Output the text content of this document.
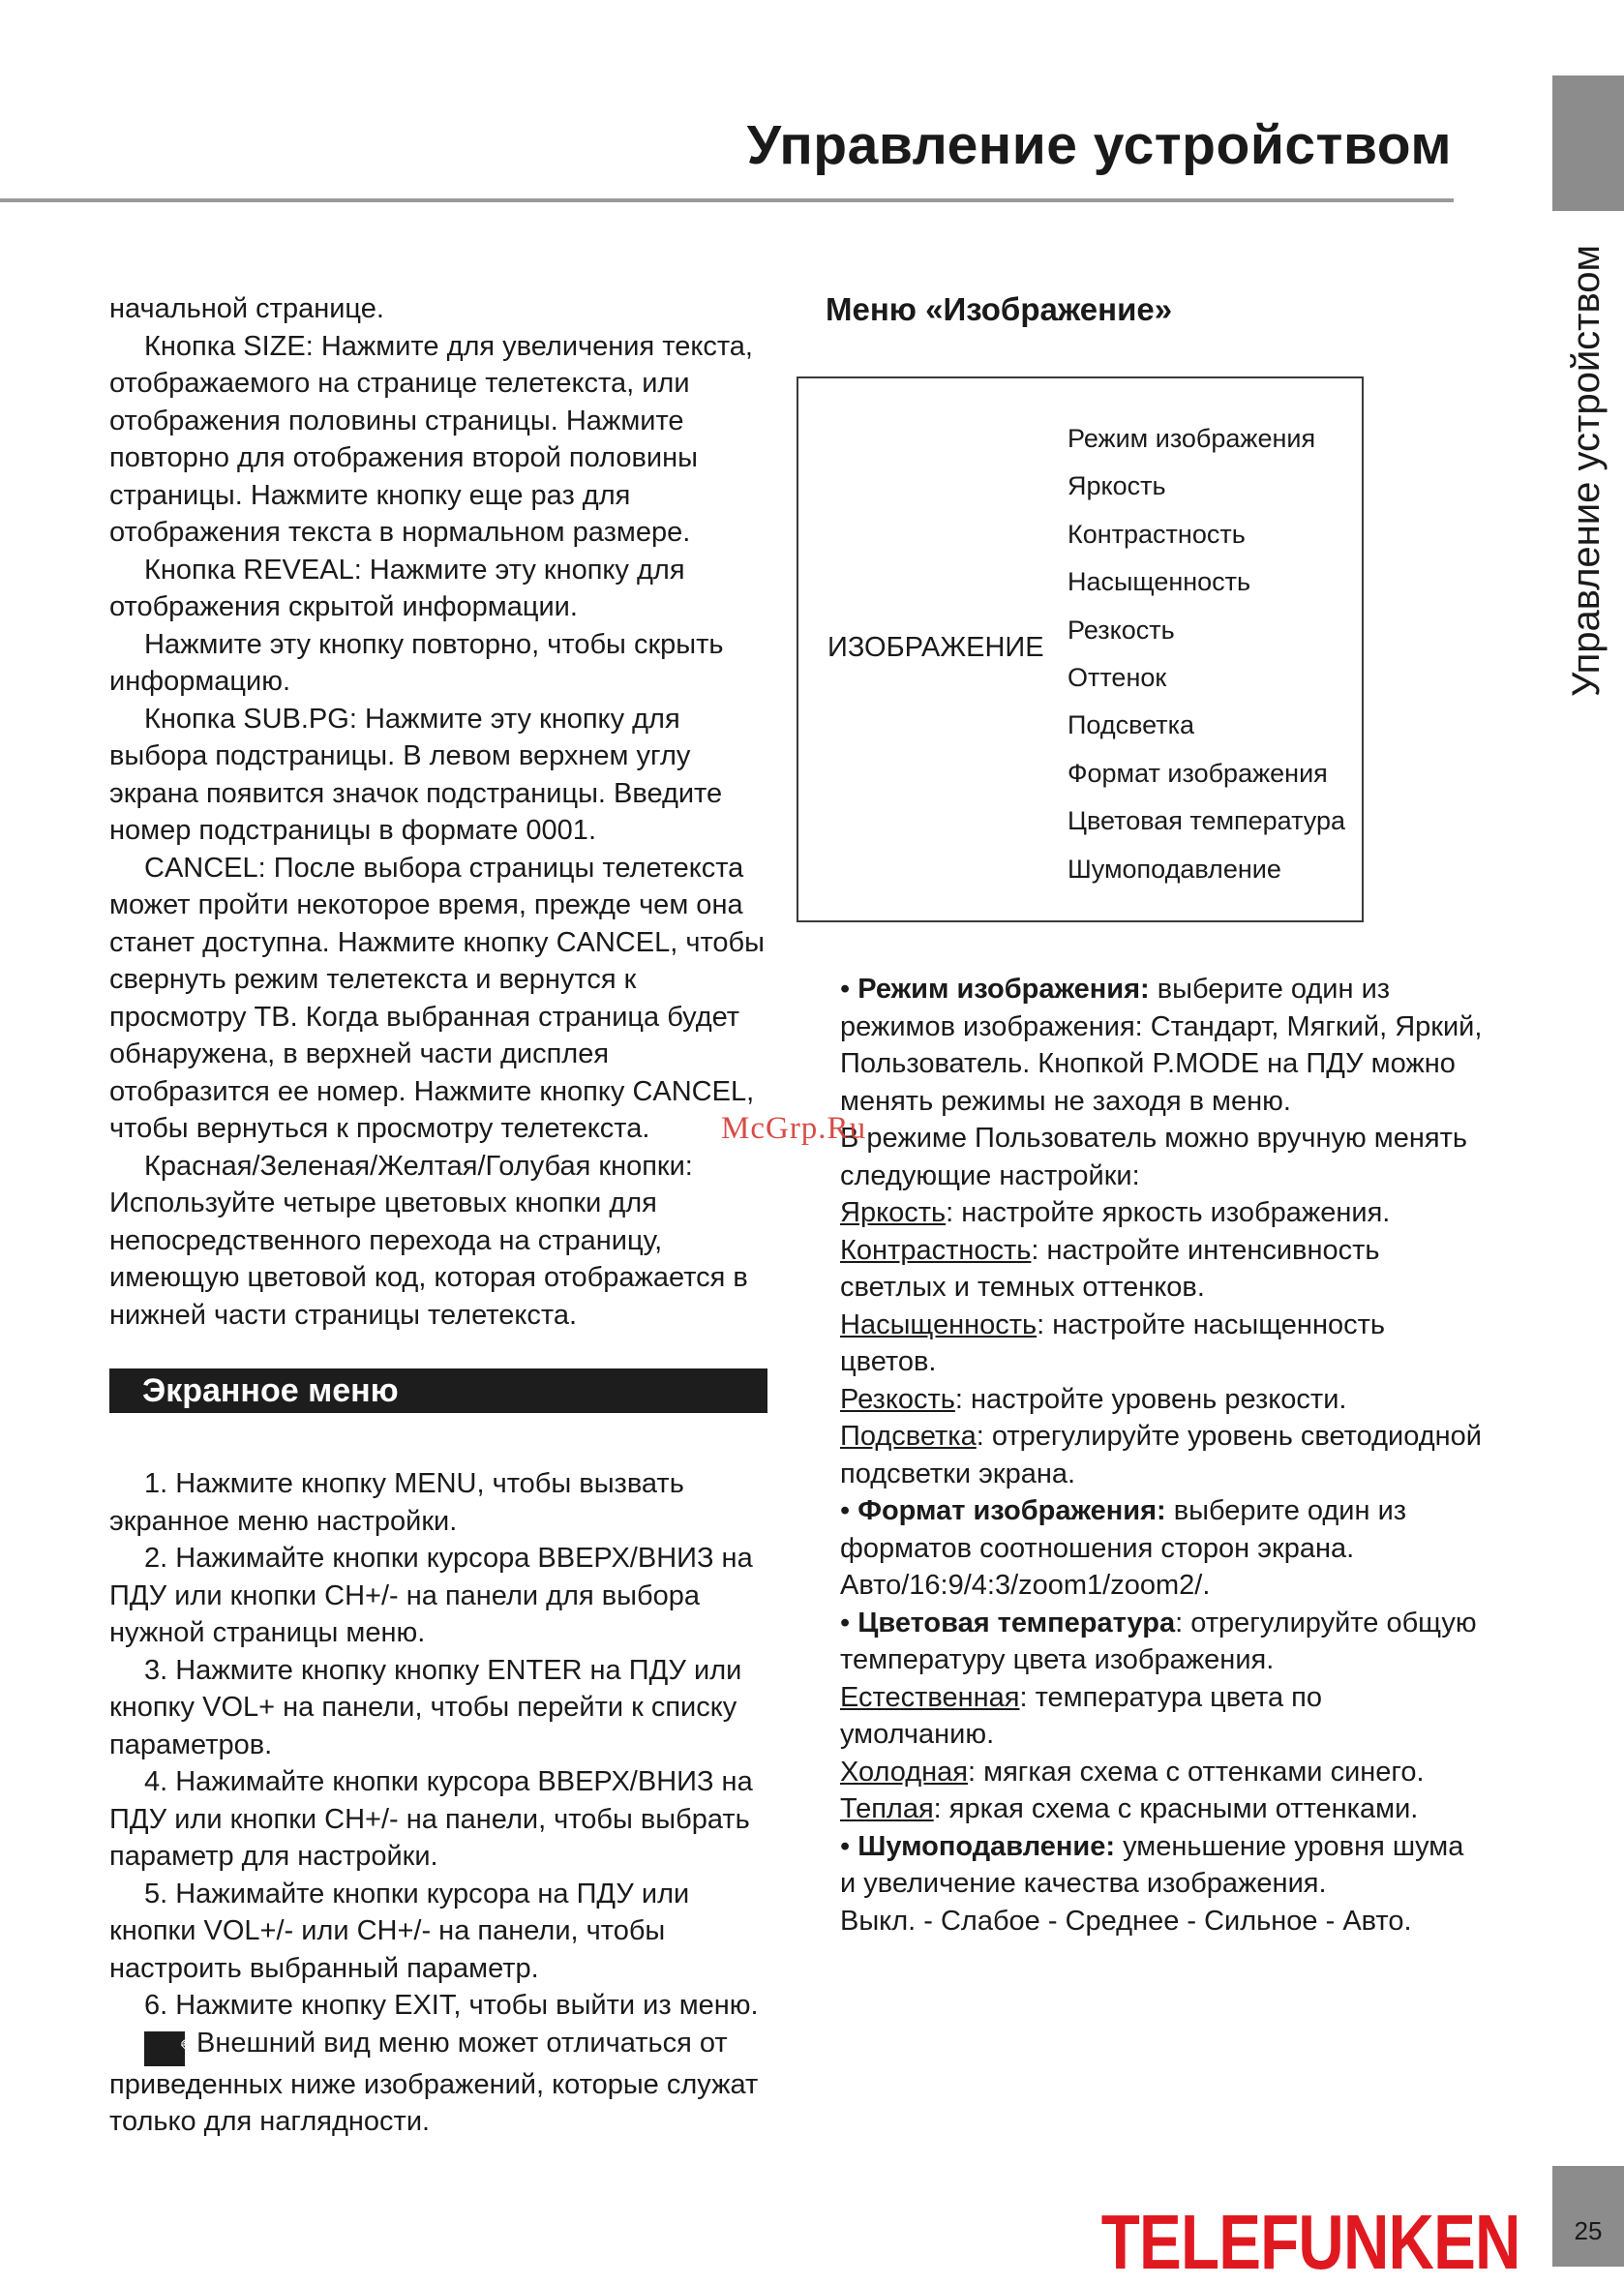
Управление устройством
Управление устройством

начальной странице.

Кнопка SIZE: Нажмите для увеличения текста, отображаемого на странице телетекста, или отображения половины страницы. Нажмите повторно для отображения второй половины страницы. Нажмите кнопку еще раз для отображения текста в нормальном размере.

Кнопка REVEAL: Нажмите эту кнопку для отображения скрытой информации.

Нажмите эту кнопку повторно, чтобы скрыть информацию.

Кнопка SUB.PG: Нажмите эту кнопку для выбора подстраницы. В левом верхнем углу экрана появится значок подстраницы. Введите номер подстраницы в формате 0001.

CANCEL: После выбора страницы телетекста может пройти некоторое время, прежде чем она станет доступна. Нажмите кнопку CANCEL, чтобы свернуть режим телетекста и вернутся к просмотру ТВ. Когда выбранная страница будет обнаружена, в верхней части дисплея отобразится ее номер. Нажмите кнопку CANCEL, чтобы вернуться к просмотру телетекста.

Красная/Зеленая/Желтая/Голубая кнопки: Используйте четыре цветовых кнопки для непосредственного перехода на страницу, имеющую цветовой код, которая отображается в нижней части страницы телетекста.

Экранное меню

1. Нажмите кнопку MENU, чтобы вызвать экранное меню настройки.

2. Нажимайте кнопки курсора ВВЕРХ/ВНИЗ на ПДУ или кнопки CH+/- на панели для выбора нужной страницы меню.

3. Нажмите кнопку кнопку ENTER на ПДУ или кнопку VOL+ на панели, чтобы перейти к списку параметров.

4. Нажимайте кнопки курсора ВВЕРХ/ВНИЗ на ПДУ или кнопки CH+/- на панели, чтобы выбрать параметр для настройки.

5. Нажимайте кнопки курсора на ПДУ или кнопки VOL+/- или CH+/- на панели, чтобы настроить выбранный параметр.

6. Нажмите кнопку EXIT, чтобы выйти из меню.

✎Внешний вид меню может отличаться от приведенных ниже изображений, которые служат только для наглядности.

Меню «Изображение»
ИЗОБРАЖЕНИЕ
Режим изображения
Яркость
Контрастность
Насыщенность
Резкость
Оттенок
Подсветка
Формат изображения
Цветовая температура
Шумоподавление

• Режим изображения: выберите один из режимов изображения: Стандарт, Мягкий, Яркий, Пользователь. Кнопкой P.MODE на ПДУ можно менять режимы не заходя в меню.

В режиме Пользователь можно вручную менять следующие настройки:

Яркость: настройте яркость изображения.

Контрастность: настройте интенсивность светлых и темных оттенков.

Насыщенность: настройте насыщенность цветов.

Резкость: настройте уровень резкости.

Подсветка: отрегулируйте уровень светодиодной подсветки экрана.

• Формат изображения: выберите один из форматов соотношения сторон экрана. Авто/16:9/4:3/zoom1/zoom2/.

• Цветовая температура: отрегулируйте общую температуру цвета изображения.

Естественная: температура цвета по умолчанию.

Холодная: мягкая схема с оттенками синего.

Теплая: яркая схема с красными оттенками.

• Шумоподавление: уменьшение уровня шума и увеличение качества изображения.

Выкл. - Слабое - Среднее - Сильное - Авто.

McGrp.Ru
TELEFUNKEN	25
